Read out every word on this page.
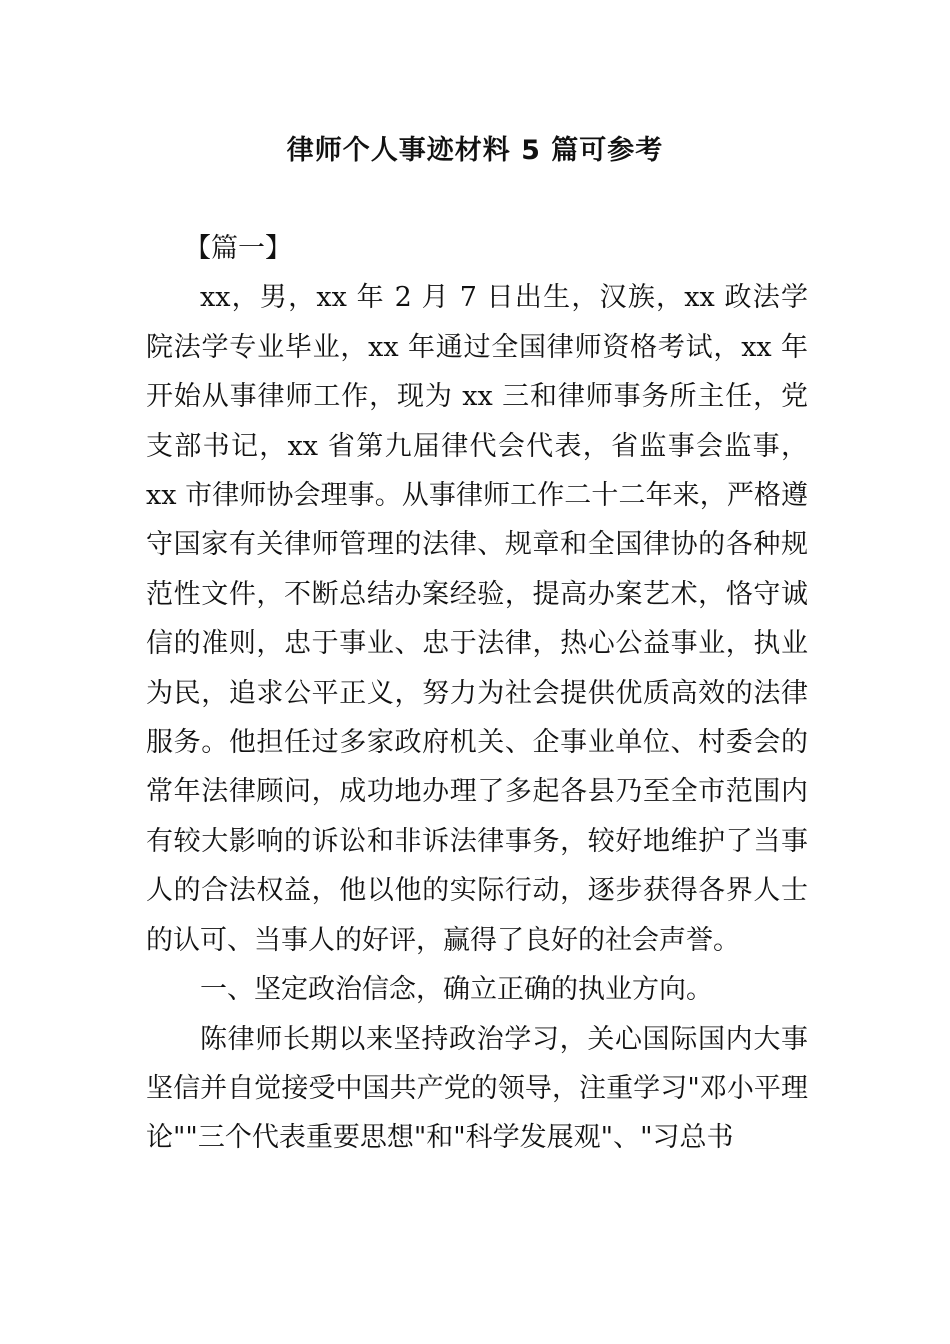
律师个人事迹材料 5 篇可参考

【篇一】

xx，男，xx 年 2 月 7 日出生，汉族，xx 政法学院法学专业毕业，xx 年通过全国律师资格考试，xx 年开始从事律师工作，现为 xx 三和律师事务所主任，党支部书记，xx 省第九届律代会代表，省监事会监事，xx 市律师协会理事。从事律师工作二十二年来，严格遵守国家有关律师管理的法律、规章和全国律协的各种规范性文件，不断总结办案经验，提高办案艺术，恪守诚信的准则，忠于事业、忠于法律，热心公益事业，执业为民，追求公平正义，努力为社会提供优质高效的法律服务。他担任过多家政府机关、企事业单位、村委会的常年法律顾问，成功地办理了多起各县乃至全市范围内有较大影响的诉讼和非诉法律事务，较好地维护了当事人的合法权益，他以他的实际行动，逐步获得各界人士的认可、当事人的好评，赢得了良好的社会声誉。

一、坚定政治信念，确立正确的执业方向。

陈律师长期以来坚持政治学习，关心国际国内大事坚信并自觉接受中国共产党的领导，注重学习"邓小平理论""三个代表重要思想"和"科学发展观"、"习总书
